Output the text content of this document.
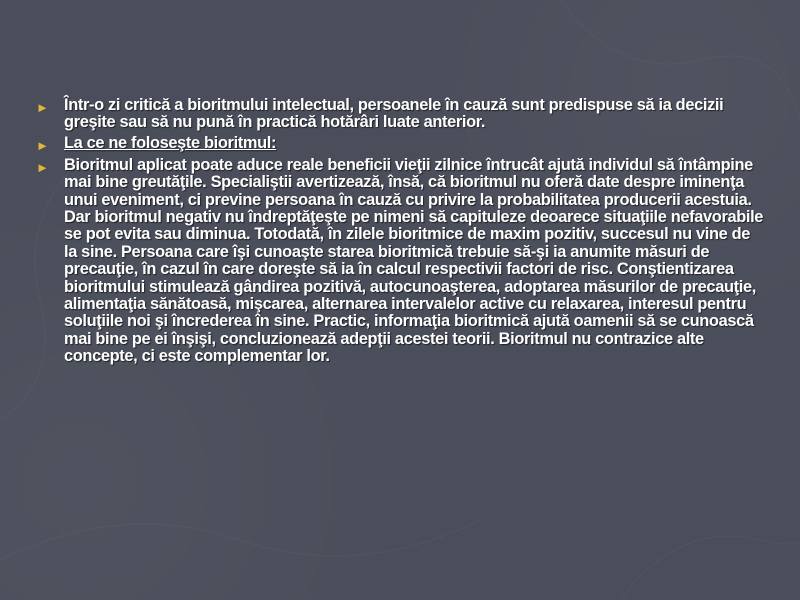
► Într-o zi critică a bioritmului intelectual, persoanele în cauză sunt predispuse să ia decizii greşite sau să nu pună în practică hotărâri luate anterior.
► La ce ne foloseşte bioritmul:
► Bioritmul aplicat poate aduce reale beneficii vieţii zilnice întrucât ajută individul să întâmpine mai bine greutăţile. Specialiştii avertizează, însă, că bioritmul nu oferă date despre iminenţa unui eveniment, ci previne persoana în cauză cu privire la probabilitatea producerii acestuia. Dar bioritmul negativ nu îndreptăţeşte pe nimeni să capituleze deoarece situaţiile nefavorabile se pot evita sau diminua. Totodată, în zilele bioritmice de maxim pozitiv, succesul nu vine de la sine. Persoana care îşi cunoaşte starea bioritmică trebuie să-şi ia anumite măsuri de precauţie, în cazul în care doreşte să ia în calcul respectivii factori de risc. Conştientizarea bioritmului stimulează gândirea pozitivă, autocunoaşterea, adoptarea măsurilor de precauţie, alimentaţia sănătoasă, mişcarea, alternarea intervalelor active cu relaxarea, interesul pentru soluţiile noi şi încrederea în sine. Practic, informaţia bioritmică ajută oamenii să se cunoască mai bine pe ei înşişi, concluzionează adepţii acestei teorii. Bioritmul nu contrazice alte concepte, ci este complementar lor.
